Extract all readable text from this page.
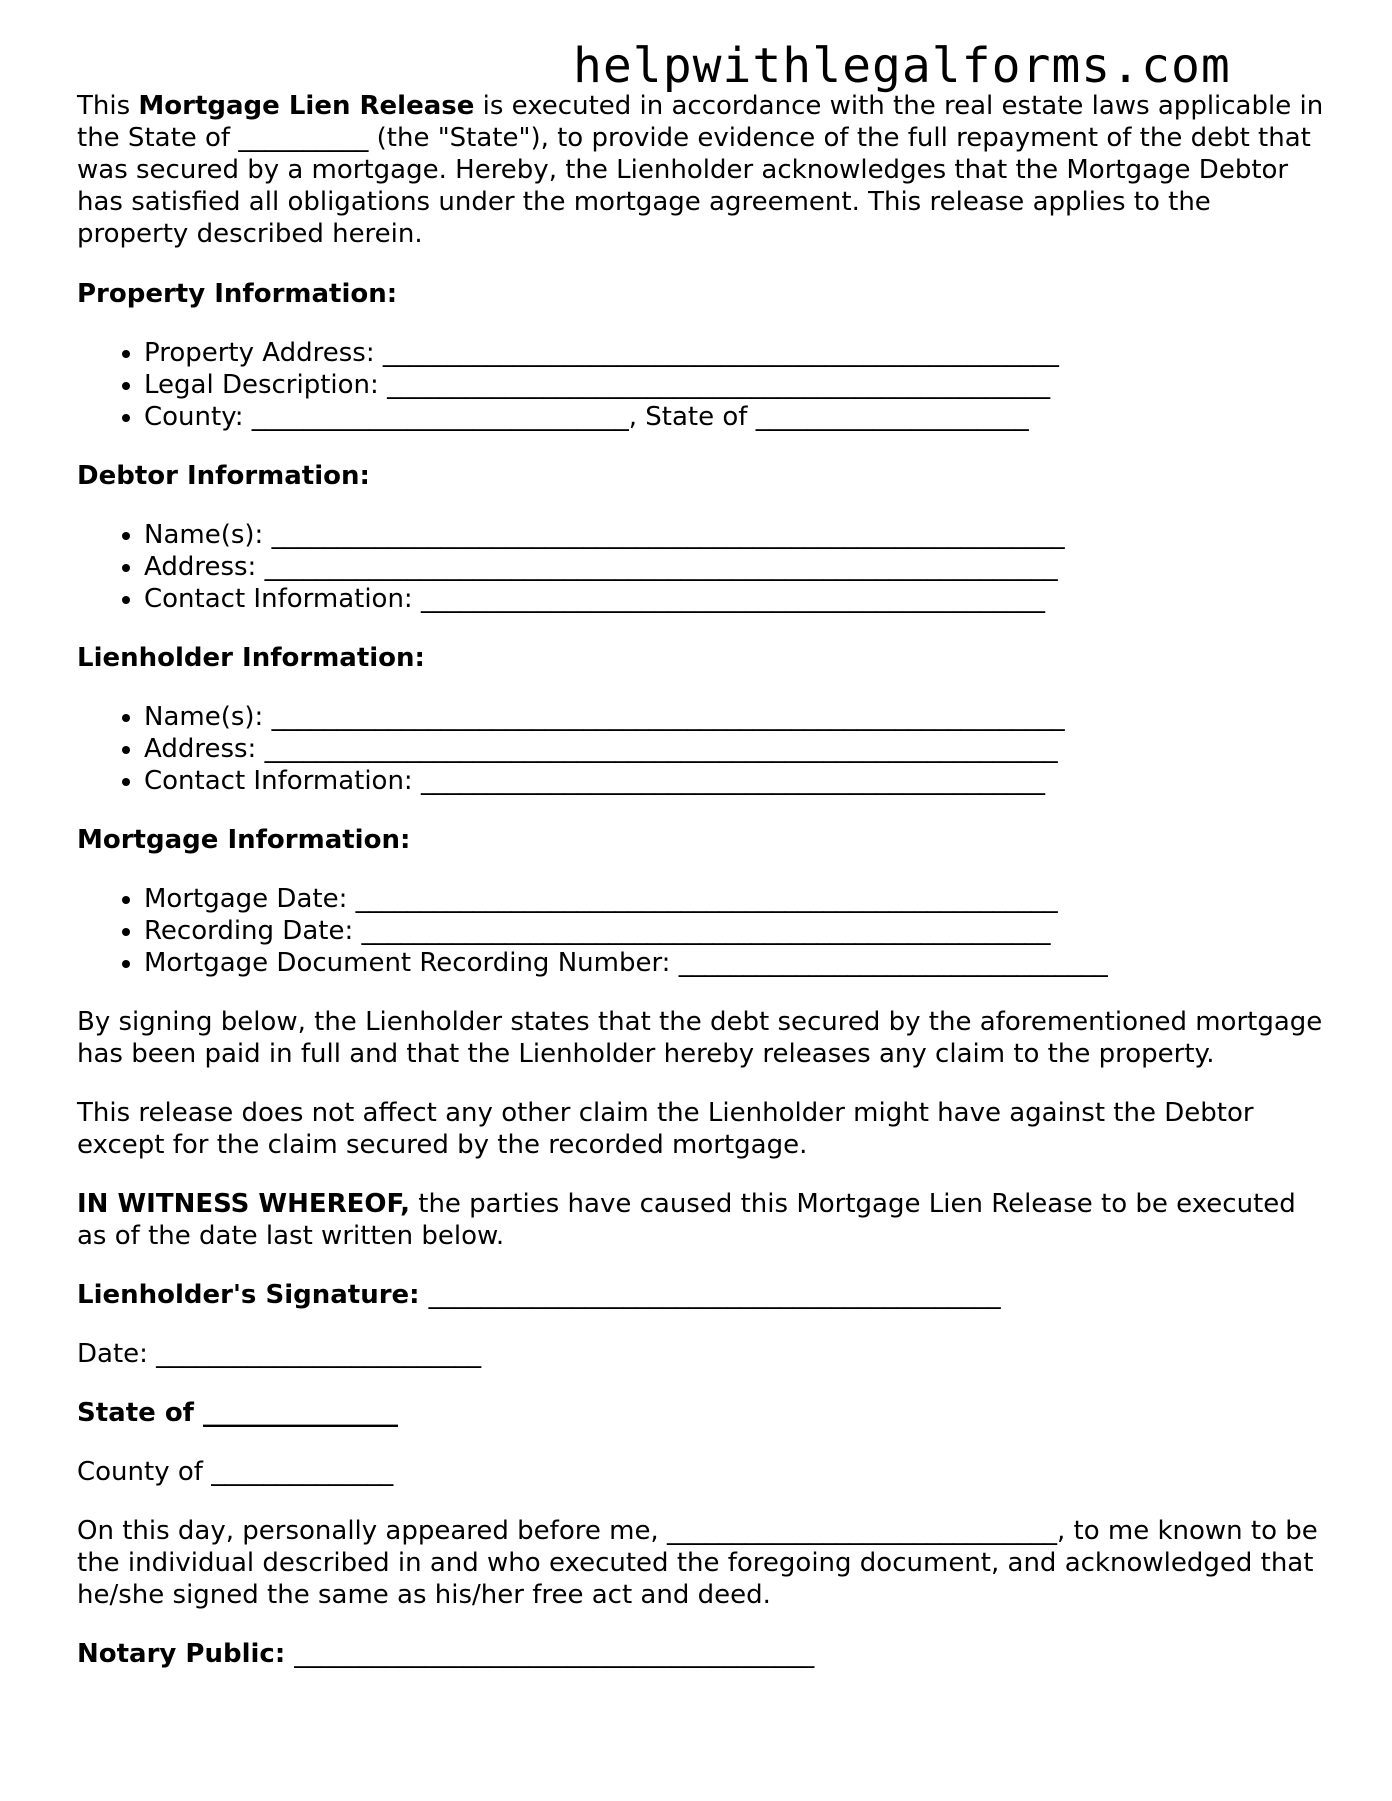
helpwithlegalforms.com

This Mortgage Lien Release is executed in accordance with the real estate laws applicable in the State of __________ (the "State"), to provide evidence of the full repayment of the debt that was secured by a mortgage. Hereby, the Lienholder acknowledges that the Mortgage Debtor has satisfied all obligations under the mortgage agreement. This release applies to the property described herein.

Property Information:
• Property Address: ____________________________________________________
• Legal Description: ___________________________________________________
• County: _____________________________, State of _____________________
Debtor Information:
• Name(s): _____________________________________________________________
• Address: _____________________________________________________________
• Contact Information: ________________________________________________
Lienholder Information:
• Name(s): _____________________________________________________________
• Address: _____________________________________________________________
• Contact Information: ________________________________________________
Mortgage Information:
• Mortgage Date: ______________________________________________________
• Recording Date: _____________________________________________________
• Mortgage Document Recording Number: _________________________________

By signing below, the Lienholder states that the debt secured by the aforementioned mortgage has been paid in full and that the Lienholder hereby releases any claim to the property.

This release does not affect any other claim the Lienholder might have against the Debtor except for the claim secured by the recorded mortgage.

IN WITNESS WHEREOF, the parties have caused this Mortgage Lien Release to be executed as of the date last written below.

Lienholder's Signature: ____________________________________________

Date: _________________________

State of _______________

County of ______________

On this day, personally appeared before me, ______________________________, to me known to be the individual described in and who executed the foregoing document, and acknowledged that he/she signed the same as his/her free act and deed.

Notary Public: ________________________________________
